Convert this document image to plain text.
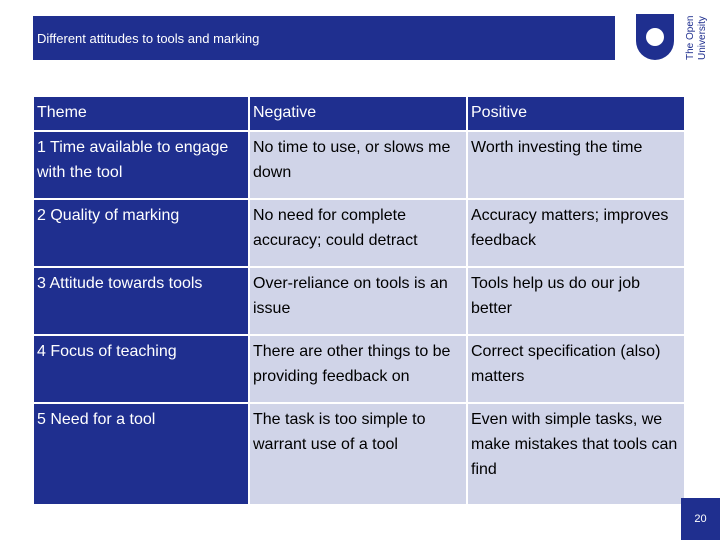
Different attitudes to tools and marking	The Open University
Theme	Negative	Positive
1 Time available to engage with the tool	No time to use, or slows me down	Worth investing the time
2 Quality of marking	No need for complete accuracy; could detract	Accuracy matters; improves feedback
3 Attitude towards tools	Over-reliance on tools is an issue	Tools help us do our job better
4 Focus of teaching	There are other things to be providing feedback on	Correct specification (also) matters
5 Need for a tool	The task is too simple to warrant use of a tool	Even with simple tasks, we make mistakes that tools can find
20
